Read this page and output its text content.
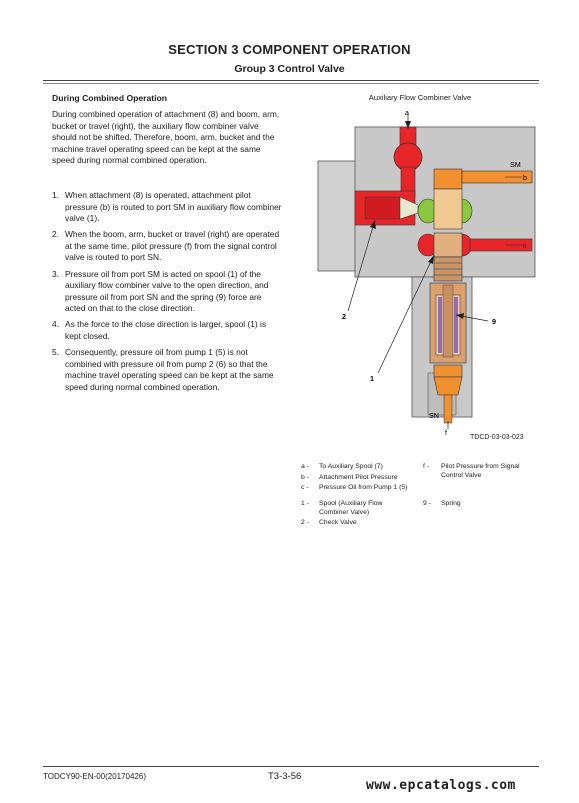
SECTION 3 COMPONENT OPERATION
Group 3 Control Valve
During Combined Operation
During combined operation of attachment (8) and boom, arm, bucket or travel (right), the auxiliary flow combiner valve should not be shifted. Therefore, boom, arm, bucket and the machine travel operating speed can be kept at the same speed during normal combined operation.
1. When attachment (8) is operated, attachment pilot pressure (b) is routed to port SM in auxiliary flow combiner valve (1).
2. When the boom, arm, bucket or travel (right) are operated at the same time, pilot pressure (f) from the signal control valve is routed to port SN.
3. Pressure oil from port SM is acted on spool (1) of the auxiliary flow combiner valve to the open direction, and pressure oil from port SN and the spring (9) force are acted on that to the close direction.
4. As the force to the close direction is larger, spool (1) is kept closed.
5. Consequently, pressure oil from pump 1 (5) is not combined with pressure oil from pump 2 (6) so that the machine travel operating speed can be kept at the same speed during normal combined operation.
Auxiliary Flow Combiner Valve
a
SM
b
c
2
9
1
SN
f
TDCD-03-03-023
a -	To Auxiliary Spool (7)
b -	Attachment Pilot Pressure
c -	Pressure Oil from Pump 1 (5)
f -	Pilot Pressure from Signal Control Valve
1 -	Spool (Auxiliary Flow Combiner Valve)
2 -	Check Valve
9 -	Spring
TODCY90-EN-00(20170426)	T3-3-56
www.epcatalogs.com
